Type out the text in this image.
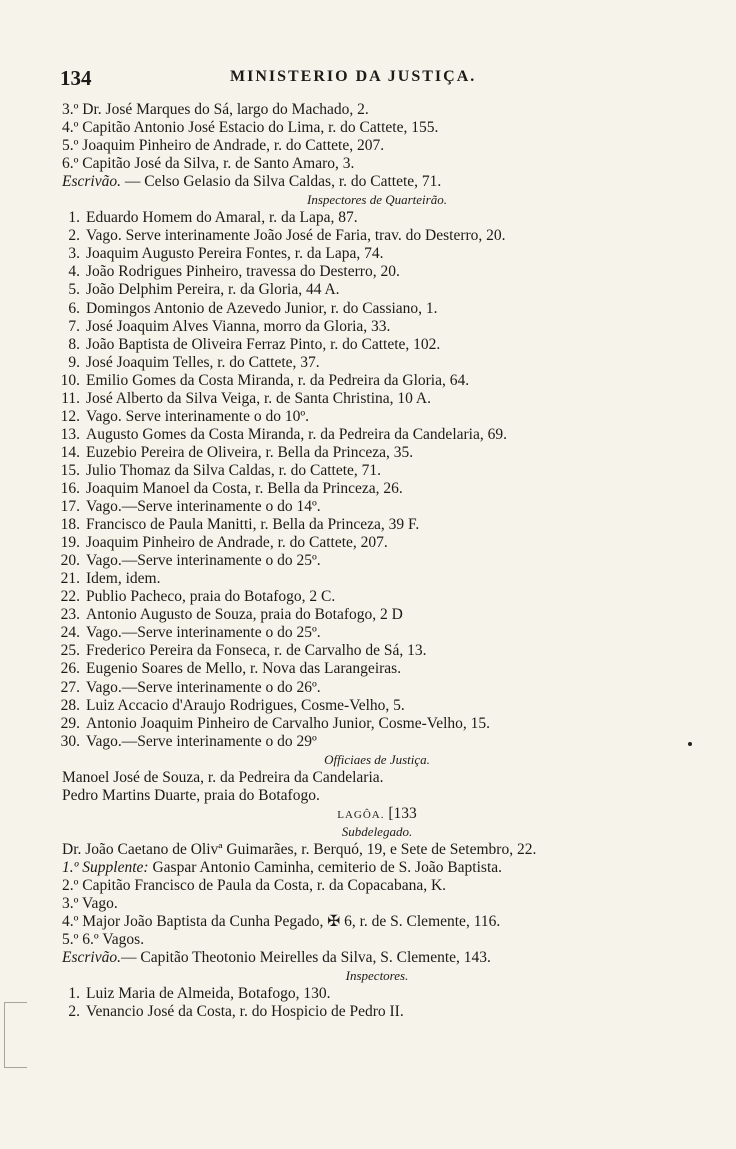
134	MINISTERIO DA JUSTIÇA.
3.º Dr. José Marques do Sá, largo do Machado, 2.
4.º Capitão Antonio José Estacio do Lima, r. do Cattete, 155.
5.º Joaquim Pinheiro de Andrade, r. do Cattete, 207.
6.º Capitão José da Silva, r. de Santo Amaro, 3.
Escrivão. — Celso Gelasio da Silva Caldas, r. do Cattete, 71.
Inspectores de Quarteirão.
1. Eduardo Homem do Amaral, r. da Lapa, 87.
2. Vago. Serve interinamente João José de Faria, trav. do Desterro, 20.
3. Joaquim Augusto Pereira Fontes, r. da Lapa, 74.
4. João Rodrigues Pinheiro, travessa do Desterro, 20.
5. João Delphim Pereira, r. da Gloria, 44 A.
6. Domingos Antonio de Azevedo Junior, r. do Cassiano, 1.
7. José Joaquim Alves Vianna, morro da Gloria, 33.
8. João Baptista de Oliveira Ferraz Pinto, r. do Cattete, 102.
9. José Joaquim Telles, r. do Cattete, 37.
10. Emilio Gomes da Costa Miranda, r. da Pedreira da Gloria, 64.
11. José Alberto da Silva Veiga, r. de Santa Christina, 10 A.
12. Vago. Serve interinamente o do 10º.
13. Augusto Gomes da Costa Miranda, r. da Pedreira da Candelaria, 69.
14. Euzebio Pereira de Oliveira, r. Bella da Princeza, 35.
15. Julio Thomaz da Silva Caldas, r. do Cattete, 71.
16. Joaquim Manoel da Costa, r. Bella da Princeza, 26.
17. Vago.—Serve interinamente o do 14º.
18. Francisco de Paula Manitti, r. Bella da Princeza, 39 F.
19. Joaquim Pinheiro de Andrade, r. do Cattete, 207.
20. Vago.—Serve interinamente o do 25º.
21. Idem, idem.
22. Publio Pacheco, praia do Botafogo, 2 C.
23. Antonio Augusto de Souza, praia do Botafogo, 2 D
24. Vago.—Serve interinamente o do 25º.
25. Frederico Pereira da Fonseca, r. de Carvalho de Sá, 13.
26. Eugenio Soares de Mello, r. Nova das Larangeiras.
27. Vago.—Serve interinamente o do 26º.
28. Luiz Accacio d'Araujo Rodrigues, Cosme-Velho, 5.
29. Antonio Joaquim Pinheiro de Carvalho Junior, Cosme-Velho, 15.
30. Vago.—Serve interinamente o do 29º
Officiaes de Justiça.
Manoel José de Souza, r. da Pedreira da Candelaria.
Pedro Martins Duarte, praia do Botafogo.
LAGÔA. [133
Subdelegado.
Dr. João Caetano de Olivª Guimarães, r. Berquó, 19, e Sete de Setembro, 22.
1.º Supplente: Gaspar Antonio Caminha, cemiterio de S. João Baptista.
2.º Capitão Francisco de Paula da Costa, r. da Copacabana, K.
3.º Vago.
4.º Major João Baptista da Cunha Pegado, ✠ 6, r. de S. Clemente, 116.
5.º 6.º Vagos.
Escrivão.— Capitão Theotonio Meirelles da Silva, S. Clemente, 143.
Inspectores.
1. Luiz Maria de Almeida, Botafogo, 130.
2. Venancio José da Costa, r. do Hospicio de Pedro II.
